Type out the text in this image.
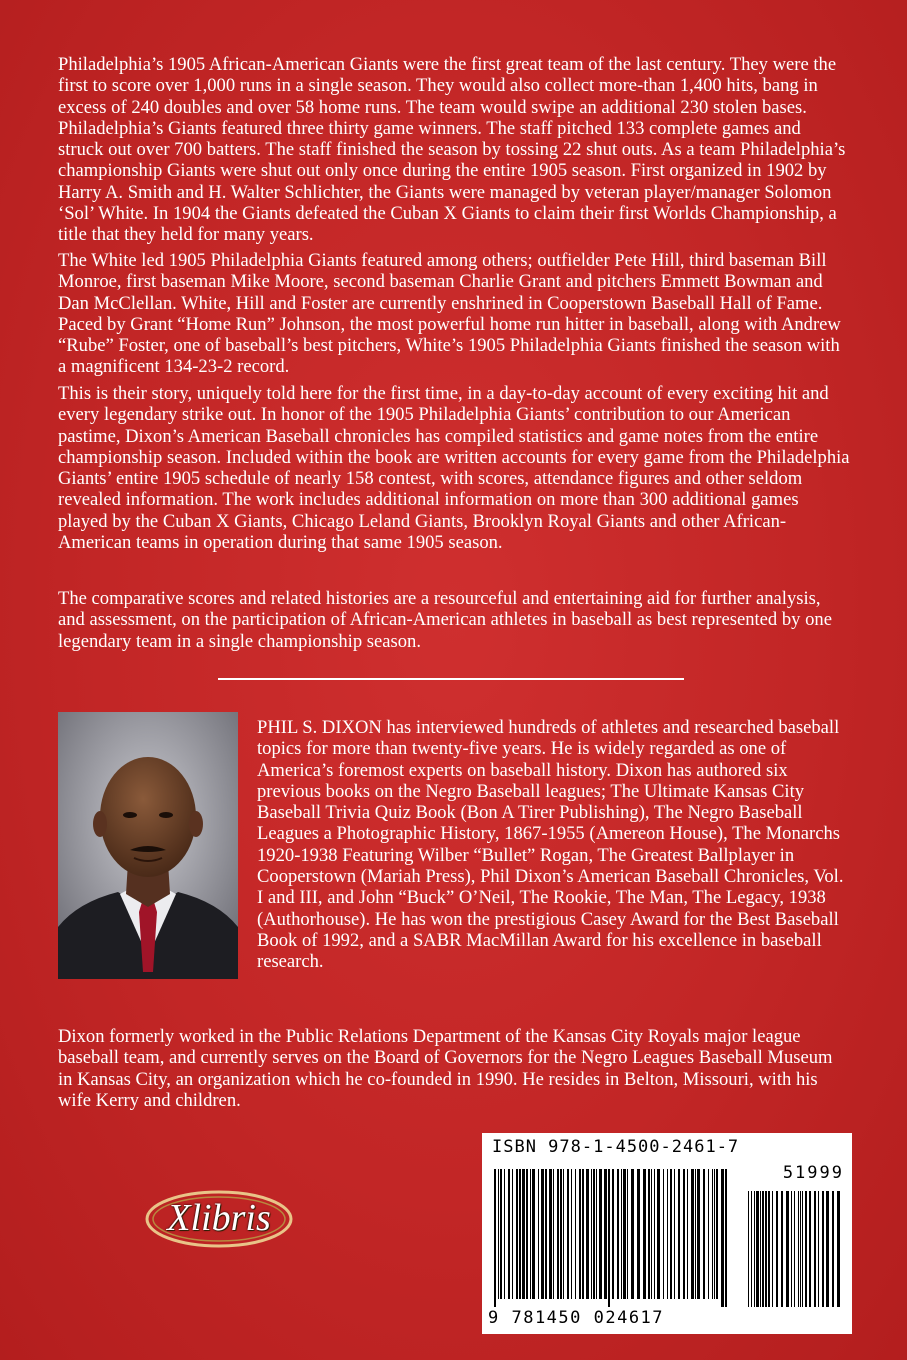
Philadelphia’s 1905 African-American Giants were the first great team of the last century. They were the first to score over 1,000 runs in a single season. They would also collect more-than 1,400 hits, bang in excess of 240 doubles and over 58 home runs. The team would swipe an additional 230 stolen bases. Philadelphia’s Giants featured three thirty game winners. The staff pitched 133 complete games and struck out over 700 batters. The staff finished the season by tossing 22 shut outs. As a team Philadelphia’s championship Giants were shut out only once during the entire 1905 season. First organized in 1902 by Harry A. Smith and H. Walter Schlichter, the Giants were managed by veteran player/manager Solomon ‘Sol’ White. In 1904 the Giants defeated the Cuban X Giants to claim their first Worlds Championship, a title that they held for many years.

The White led 1905 Philadelphia Giants featured among others; outfielder Pete Hill, third baseman Bill Monroe, first baseman Mike Moore, second baseman Charlie Grant and pitchers Emmett Bowman and Dan McClellan. White, Hill and Foster are currently enshrined in Cooperstown Baseball Hall of Fame. Paced by Grant “Home Run” Johnson, the most powerful home run hitter in baseball, along with Andrew “Rube” Foster, one of baseball’s best pitchers, White’s 1905 Philadelphia Giants finished the season with a magnificent 134-23-2 record.

This is their story, uniquely told here for the first time, in a day-to-day account of every exciting hit and every legendary strike out. In honor of the 1905 Philadelphia Giants’ contribution to our American pastime, Dixon’s American Baseball chronicles has compiled statistics and game notes from the entire championship season. Included within the book are written accounts for every game from the Philadelphia Giants’ entire 1905 schedule of nearly 158 contest, with scores, attendance figures and other seldom revealed information. The work includes additional information on more than 300 additional games played by the Cuban X Giants, Chicago Leland Giants, Brooklyn Royal Giants and other African-American teams in operation during that same 1905 season.

The comparative scores and related histories are a resourceful and entertaining aid for further analysis, and assessment, on the participation of African-American athletes in baseball as best represented by one legendary team in a single championship season.

PHIL S. DIXON has interviewed hundreds of athletes and researched baseball topics for more than twenty-five years. He is widely regarded as one of America’s foremost experts on baseball history. Dixon has authored six previous books on the Negro Baseball leagues; The Ultimate Kansas City Baseball Trivia Quiz Book (Bon A Tirer Publishing), The Negro Baseball Leagues a Photographic History, 1867-1955 (Amereon House), The Monarchs 1920-1938 Featuring Wilber “Bullet” Rogan, The Greatest Ballplayer in Cooperstown (Mariah Press), Phil Dixon’s American Baseball Chronicles, Vol. I and III, and John “Buck” O’Neil, The Rookie, The Man, The Legacy, 1938 (Authorhouse). He has won the prestigious Casey Award for the Best Baseball Book of 1992, and a SABR MacMillan Award for his excellence in baseball research.

Dixon formerly worked in the Public Relations Department of the Kansas City Royals major league baseball team, and currently serves on the Board of Governors for the Negro Leagues Baseball Museum in Kansas City, an organization which he co-founded in 1990. He resides in Belton, Missouri, with his wife Kerry and children.

Xlibris
ISBN 978-1-4500-2461-7
51999
9 781450 024617
